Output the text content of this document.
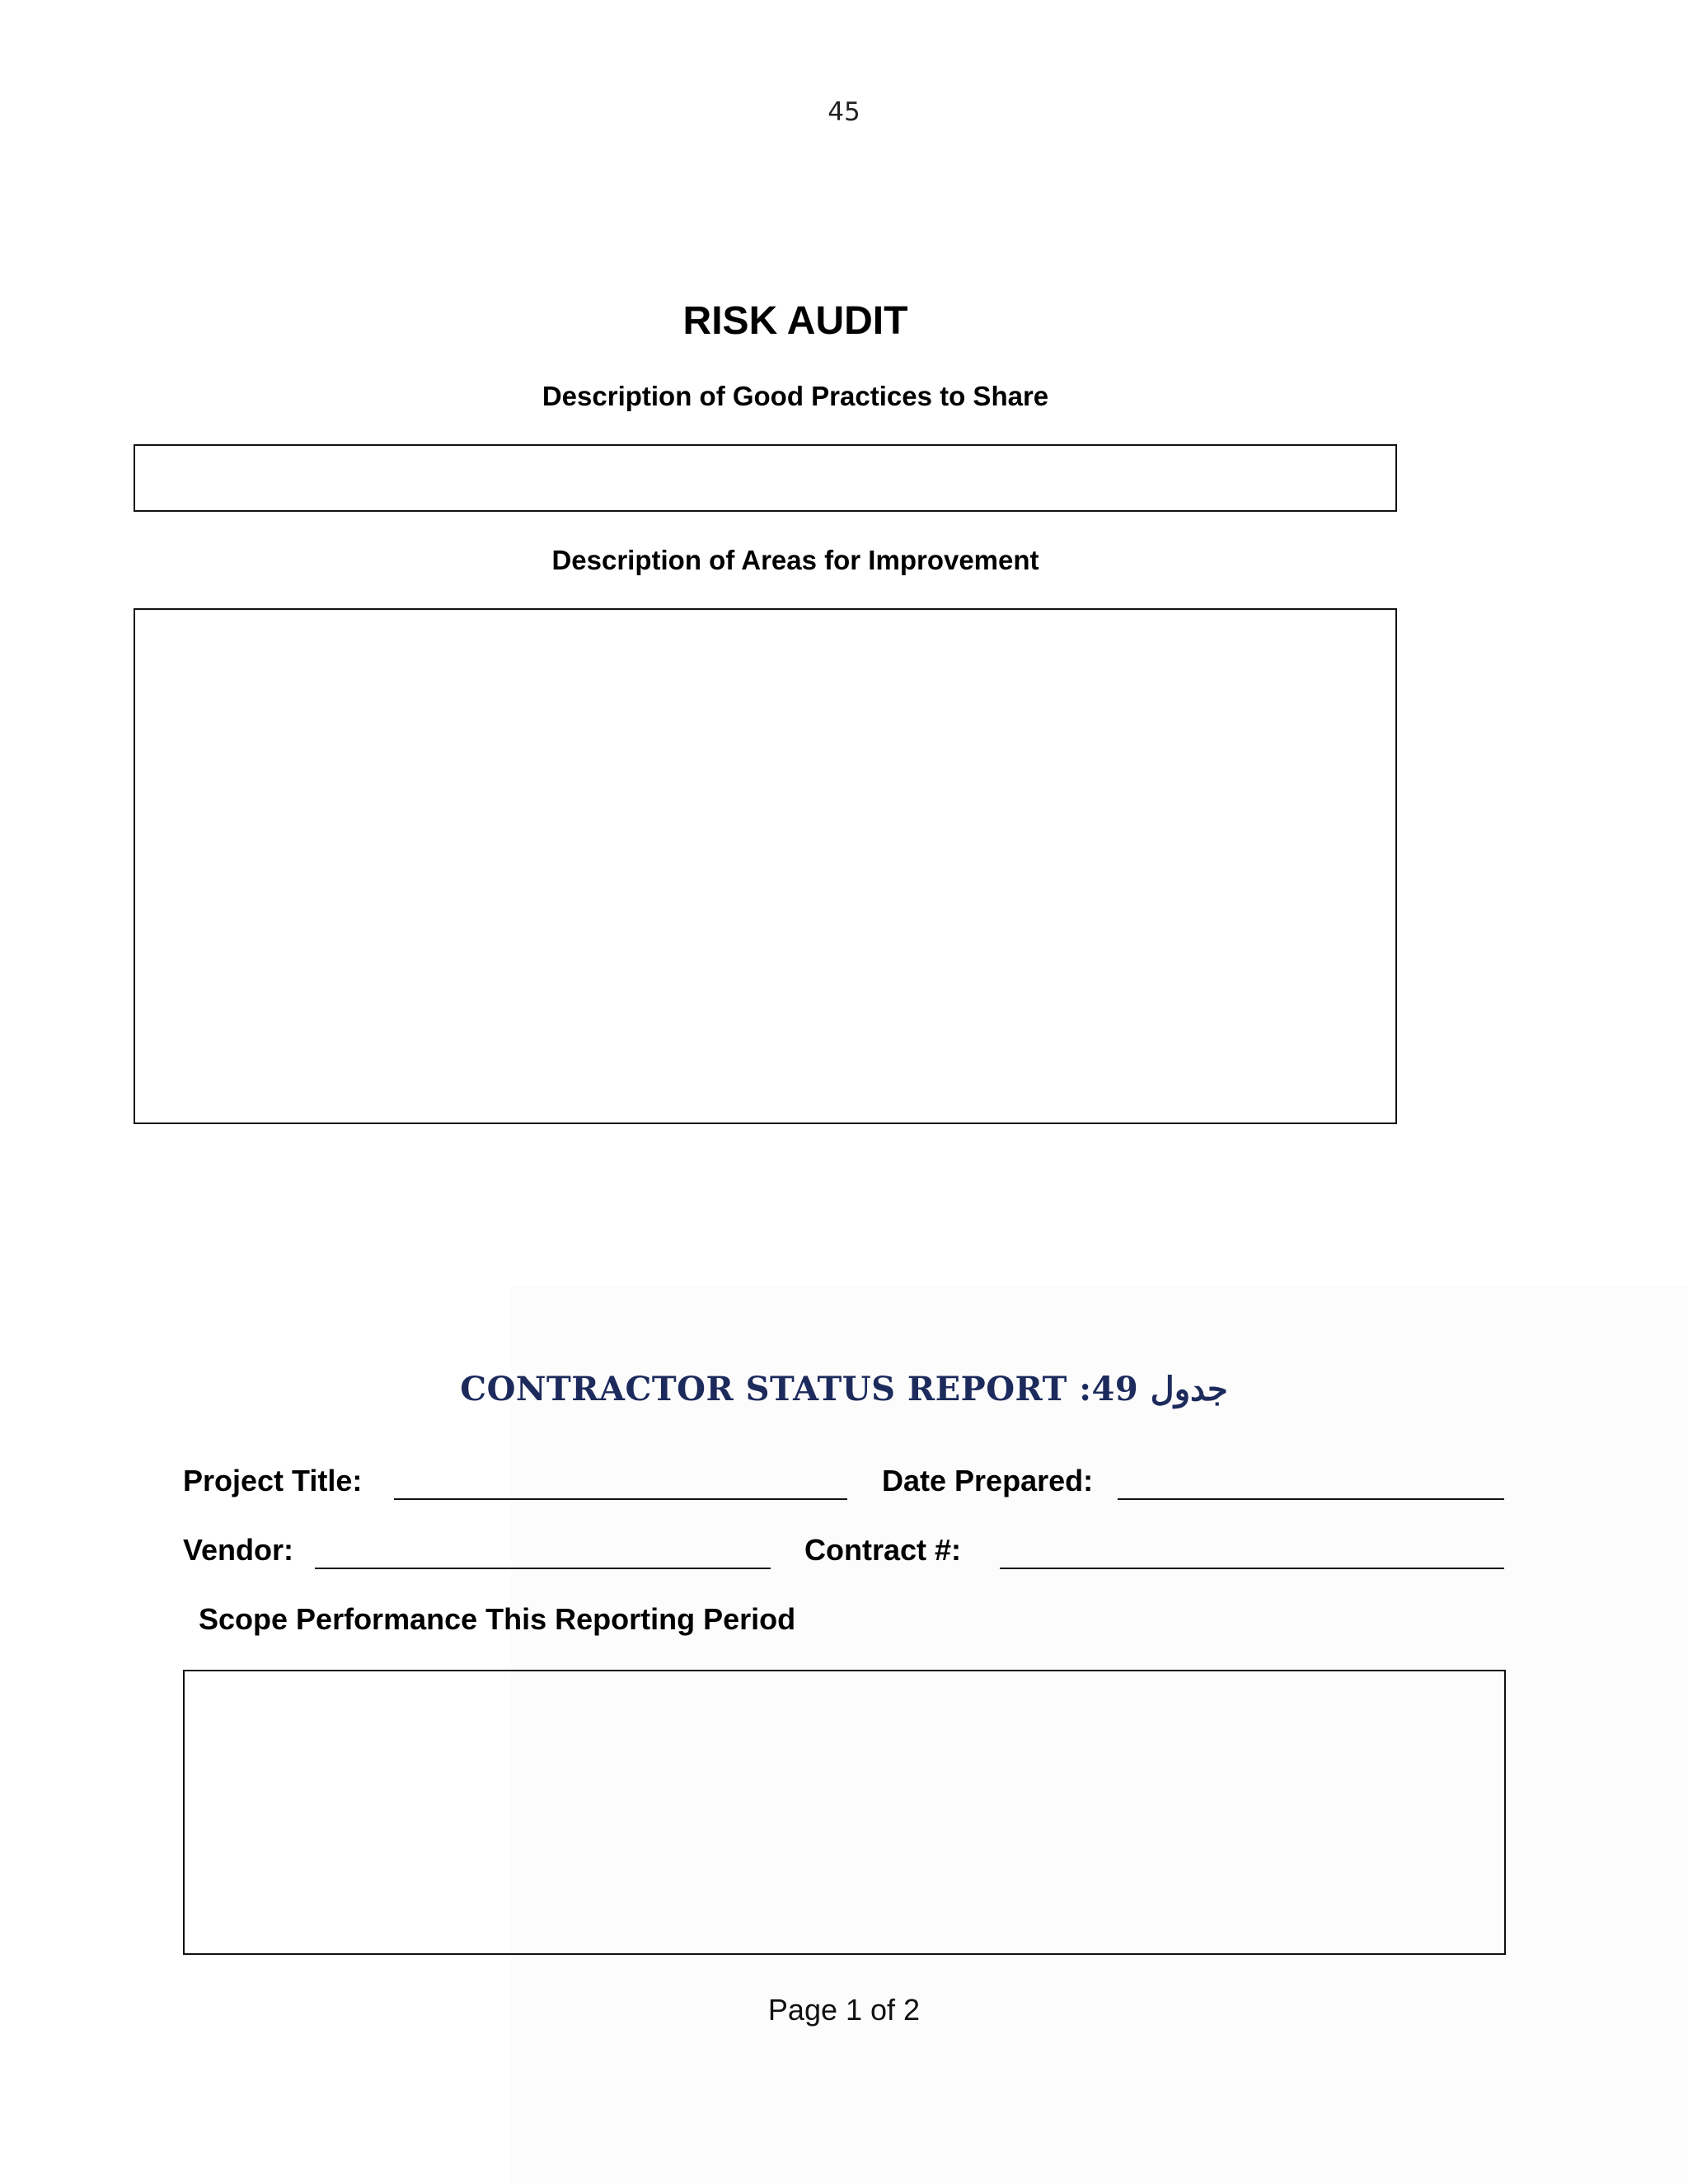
45
RISK AUDIT
Description of Good Practices to Share
Description of Areas for Improvement
CONTRACTOR STATUS REPORT :49 جدول
Project Title:	Date Prepared:
Vendor:	Contract #:
Scope Performance This Reporting Period
Page 1 of 2
